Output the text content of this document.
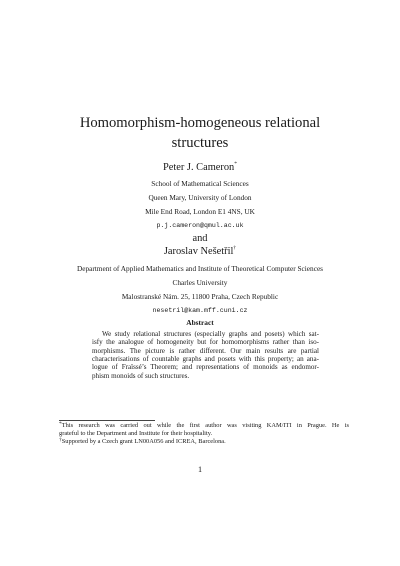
Homomorphism-homogeneous relational
structures
Peter J. Cameron*
School of Mathematical Sciences
Queen Mary, University of London
Mile End Road, London E1 4NS, UK
p.j.cameron@qmul.ac.uk
and
Jaroslav Nešetřil†
Department of Applied Mathematics and Institute of Theoretical Computer Sciences
Charles University
Malostranské Nám. 25, 11800 Praha, Czech Republic
nesetril@kam.mff.cuni.cz
Abstract
We study relational structures (especially graphs and posets) which sat-
isfy the analogue of homogeneity but for homomorphisms rather than iso-
morphisms. The picture is rather different. Our main results are partial
characterisations of countable graphs and posets with this property; an ana-
logue of Fraïssé’s Theorem; and representations of monoids as endomor-
phism monoids of such structures.
*This research was carried out while the first author was visiting KAM/ITI in Prague. He is
grateful to the Department and Institute for their hospitality.
†Supported by a Czech grant LN00A056 and ICREA, Barcelona.
1
